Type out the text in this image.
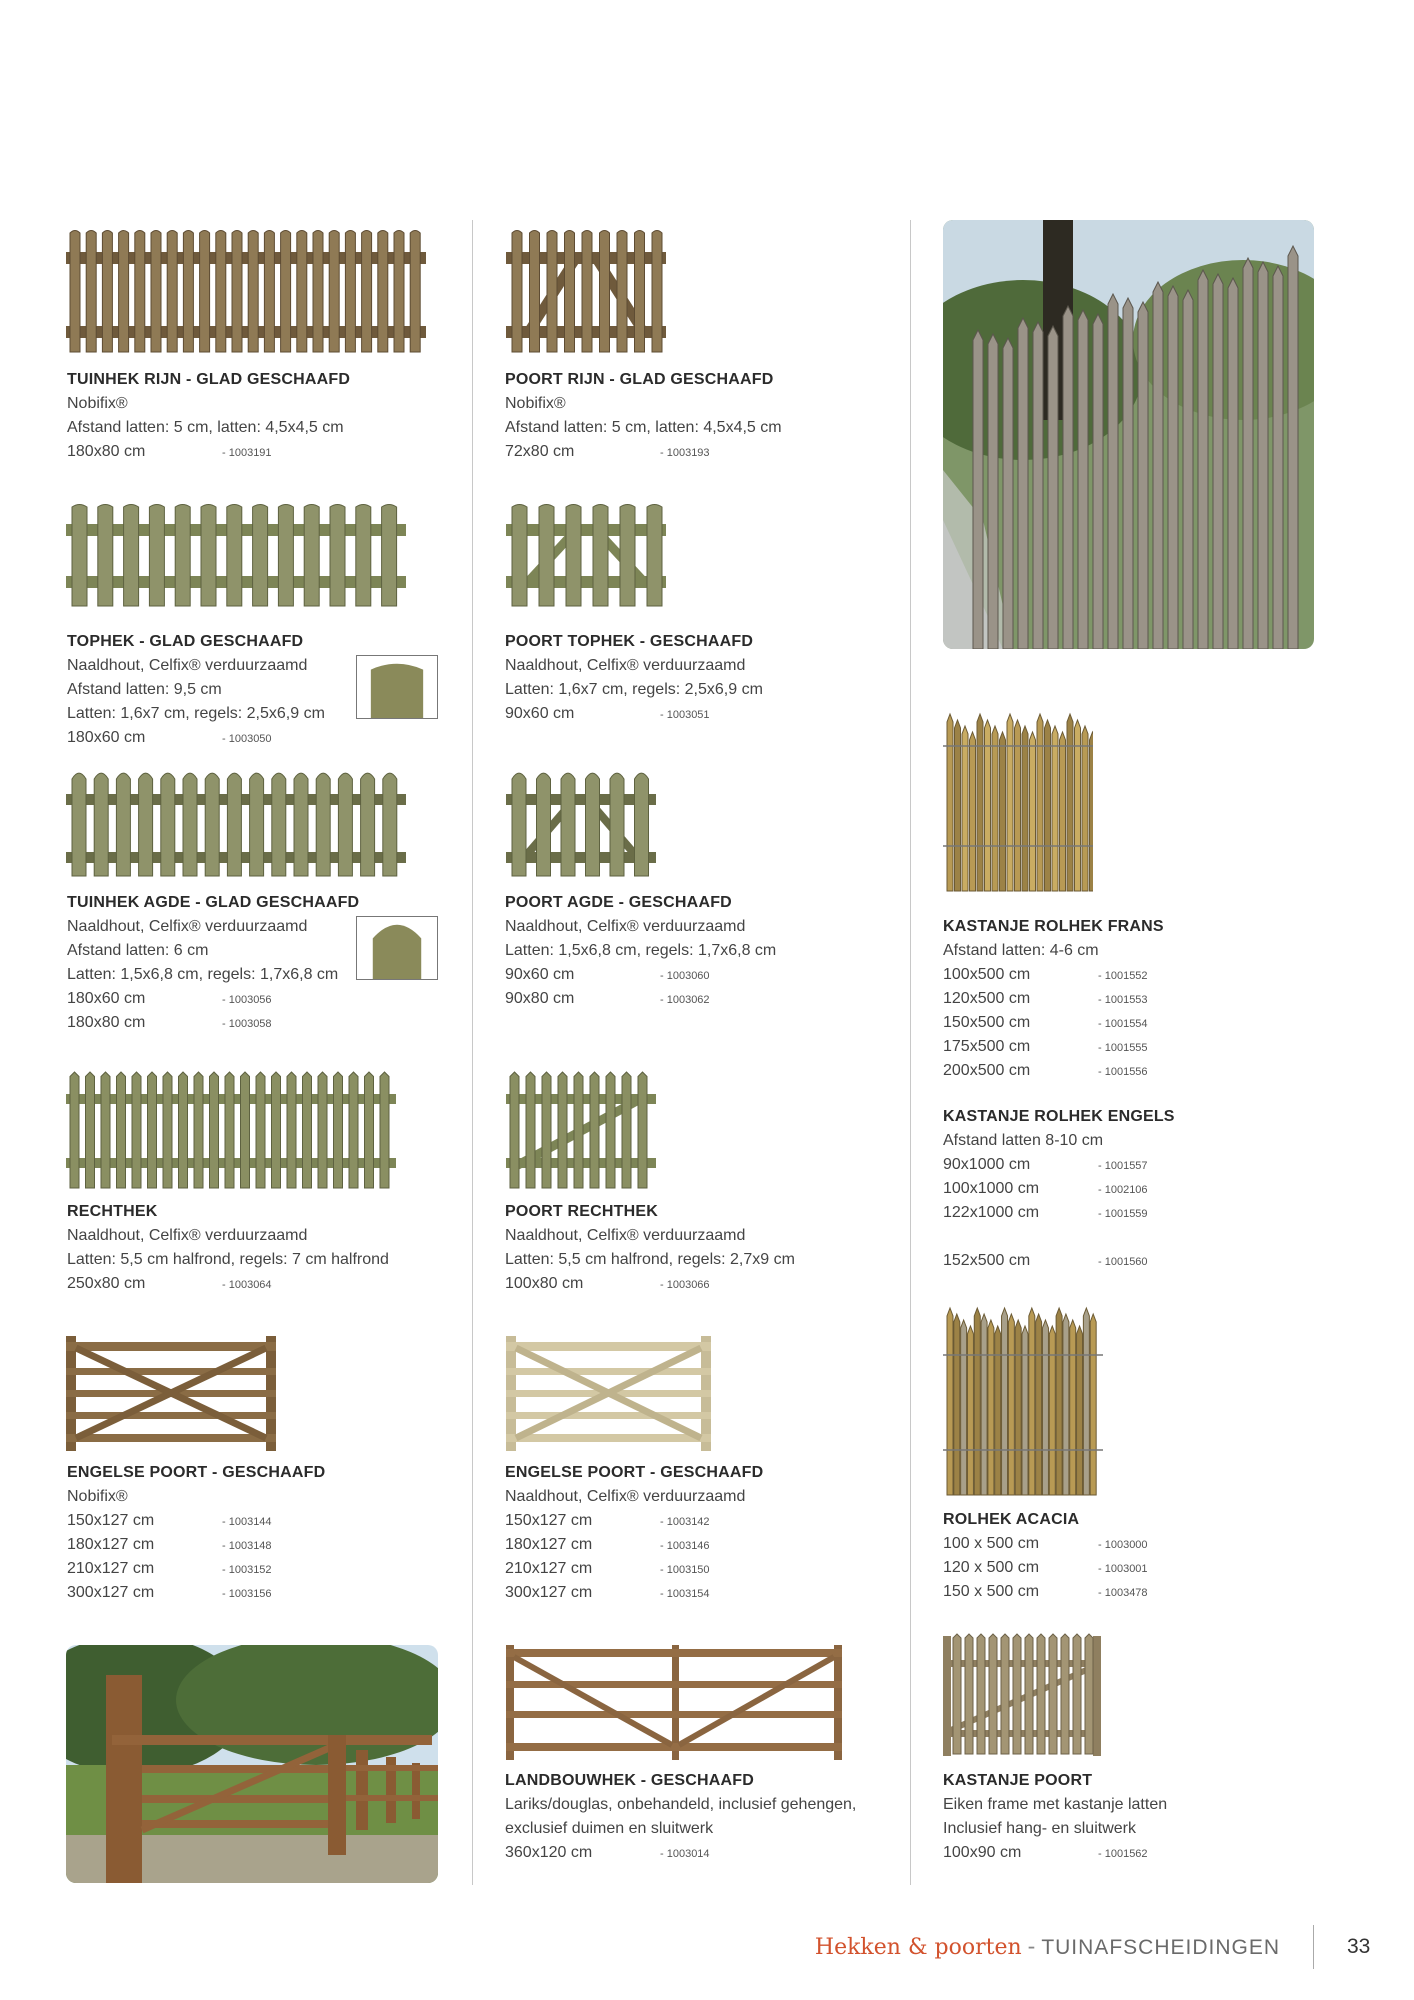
TUINHEK RIJN - GLAD GESCHAAFD
Nobifix®
Afstand latten: 5 cm, latten: 4,5x4,5 cm
180x80 cm	- 1003191
POORT RIJN - GLAD GESCHAAFD
Nobifix®
Afstand latten: 5 cm, latten: 4,5x4,5 cm
72x80 cm	- 1003193
TOPHEK - GLAD GESCHAAFD
Naaldhout, Celfix® verduurzaamd
Afstand latten: 9,5 cm
Latten: 1,6x7 cm, regels: 2,5x6,9 cm
180x60 cm	- 1003050
POORT TOPHEK - GESCHAAFD
Naaldhout, Celfix® verduurzaamd
Latten: 1,6x7 cm, regels: 2,5x6,9 cm
90x60 cm	- 1003051
TUINHEK AGDE - GLAD GESCHAAFD
Naaldhout, Celfix® verduurzaamd
Afstand latten: 6 cm
Latten: 1,5x6,8 cm, regels: 1,7x6,8 cm
180x60 cm	- 1003056
180x80 cm	- 1003058
POORT AGDE - GESCHAAFD
Naaldhout, Celfix® verduurzaamd
Latten: 1,5x6,8 cm, regels: 1,7x6,8 cm
90x60 cm	- 1003060
90x80 cm	- 1003062
KASTANJE ROLHEK FRANS
Afstand latten: 4-6 cm
100x500 cm	- 1001552
120x500 cm	- 1001553
150x500 cm	- 1001554
175x500 cm	- 1001555
200x500 cm	- 1001556
KASTANJE ROLHEK ENGELS
Afstand latten 8-10 cm
90x1000 cm	- 1001557
100x1000 cm	- 1002106
122x1000 cm	- 1001559
152x500 cm	- 1001560
RECHTHEK
Naaldhout, Celfix® verduurzaamd
Latten: 5,5 cm halfrond, regels: 7 cm halfrond
250x80 cm	- 1003064
POORT RECHTHEK
Naaldhout, Celfix® verduurzaamd
Latten: 5,5 cm halfrond, regels: 2,7x9 cm
100x80 cm	- 1003066
ENGELSE POORT - GESCHAAFD
Nobifix®
150x127 cm	- 1003144
180x127 cm	- 1003148
210x127 cm	- 1003152
300x127 cm	- 1003156
ENGELSE POORT - GESCHAAFD
Naaldhout, Celfix® verduurzaamd
150x127 cm	- 1003142
180x127 cm	- 1003146
210x127 cm	- 1003150
300x127 cm	- 1003154
ROLHEK ACACIA
100 x 500 cm	- 1003000
120 x 500 cm	- 1003001
150 x 500 cm	- 1003478
LANDBOUWHEK - GESCHAAFD
Lariks/douglas, onbehandeld, inclusief gehengen,
exclusief duimen en sluitwerk
360x120 cm	- 1003014
KASTANJE POORT
Eiken frame met kastanje latten
Inclusief hang- en sluitwerk
100x90 cm	- 1001562
Hekken & poorten - TUINAFSCHEIDINGEN	33
